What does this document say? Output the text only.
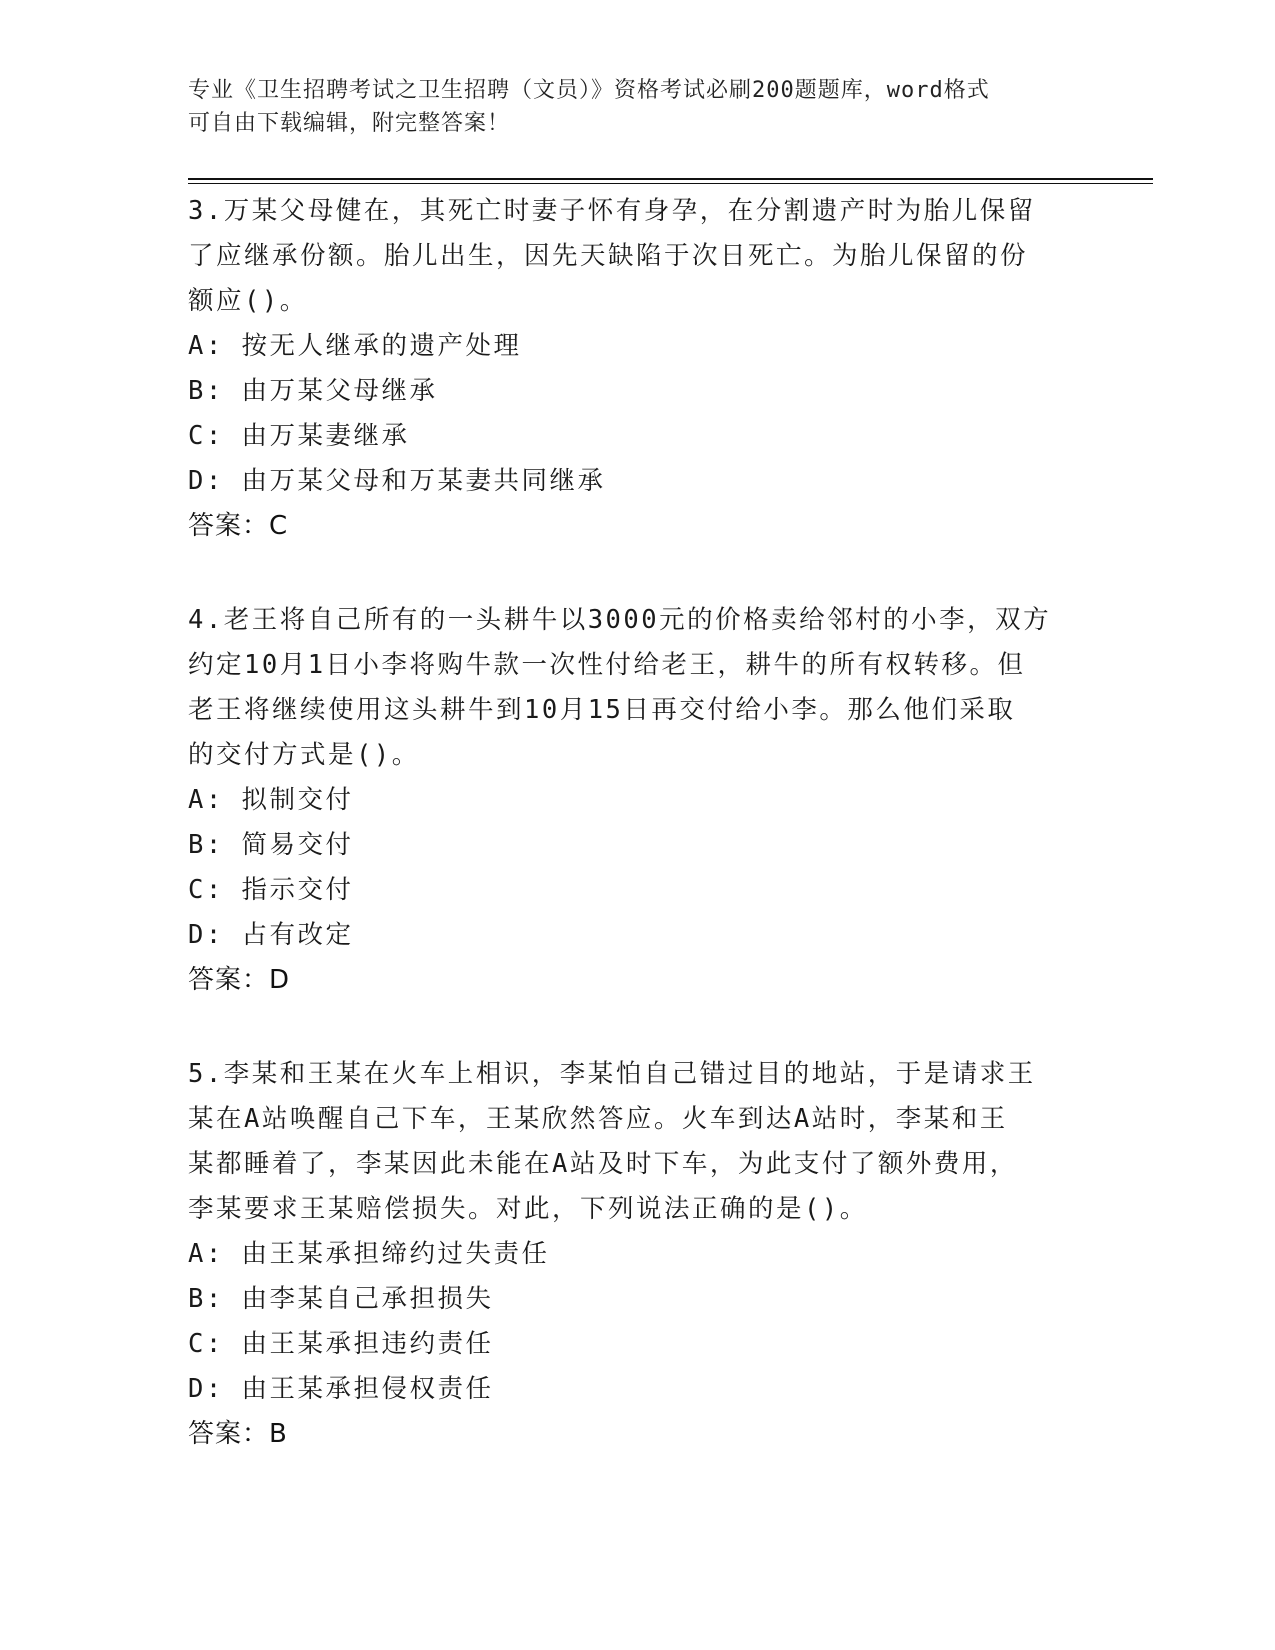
专业《卫生招聘考试之卫生招聘（文员）》资格考试必刷200题题库，word格式
可自由下载编辑，附完整答案！
3.万某父母健在，其死亡时妻子怀有身孕，在分割遗产时为胎儿保留
了应继承份额。胎儿出生，因先天缺陷于次日死亡。为胎儿保留的份
额应()。
A: 按无人继承的遗产处理
B: 由万某父母继承
C: 由万某妻继承
D: 由万某父母和万某妻共同继承
答案：C
4.老王将自己所有的一头耕牛以3000元的价格卖给邻村的小李，双方
约定10月1日小李将购牛款一次性付给老王，耕牛的所有权转移。但
老王将继续使用这头耕牛到10月15日再交付给小李。那么他们采取
的交付方式是()。
A: 拟制交付
B: 简易交付
C: 指示交付
D: 占有改定
答案：D
5.李某和王某在火车上相识，李某怕自己错过目的地站，于是请求王
某在A站唤醒自己下车，王某欣然答应。火车到达A站时，李某和王
某都睡着了，李某因此未能在A站及时下车，为此支付了额外费用，
李某要求王某赔偿损失。对此，下列说法正确的是()。
A: 由王某承担缔约过失责任
B: 由李某自己承担损失
C: 由王某承担违约责任
D: 由王某承担侵权责任
答案：B
